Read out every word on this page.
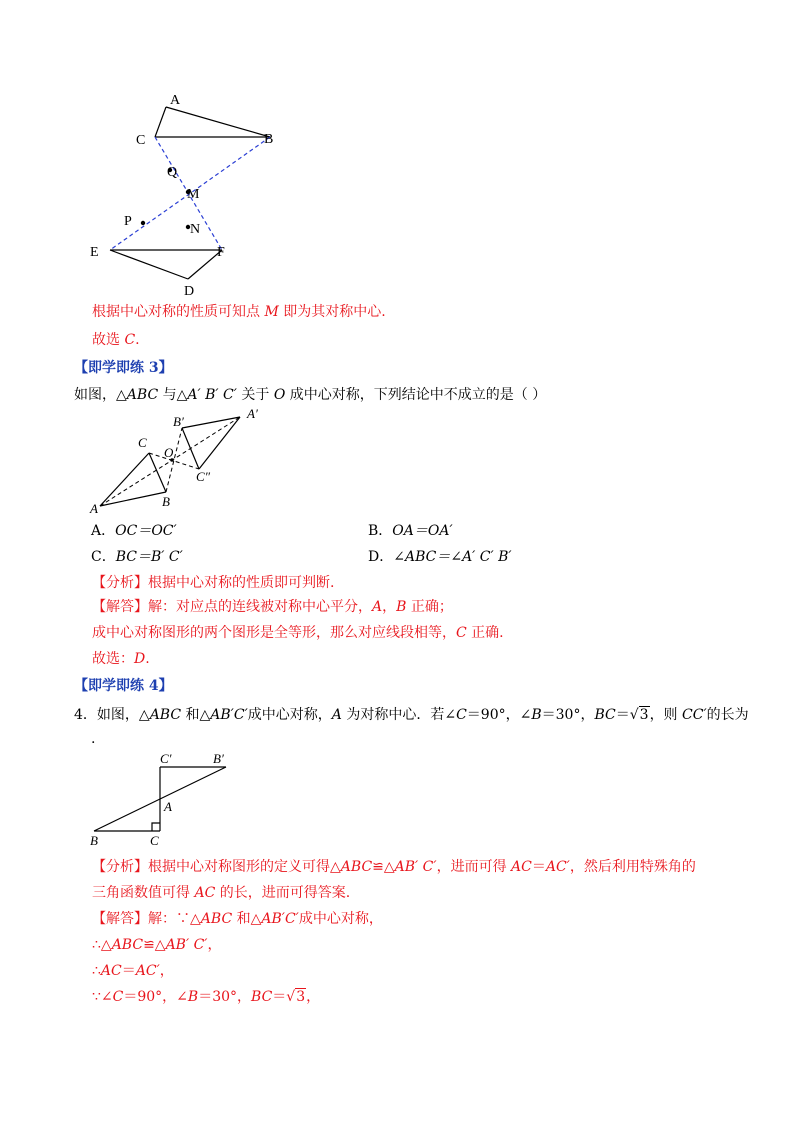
A
B
C
Q
M
P
N
E	F
D
根据中心对称的性质可知点 M 即为其对称中心.
故选 C.
【即学即练 3】
如图，△ABC 与△A′ B′ C′ 关于 O 成中心对称，下列结论中不成立的是（ ）
A	B
C
O
A′
B′
C″
A．OC＝OC′	B．OA＝OA′
C．BC＝B′ C′	D．∠ABC＝∠A′ C′ B′
【分析】根据中心对称的性质即可判断.
【解答】解：对应点的连线被对称中心平分，A，B 正确；
成中心对称图形的两个图形是全等形，那么对应线段相等，C 正确.
故选：D.
【即学即练 4】
4．如图，△ABC 和△AB′C′成中心对称，A 为对称中心．若∠C＝90°，∠B＝30°，BC＝√3，则 CC′的长为
.
C′	B′
A
B	C
【分析】根据中心对称图形的定义可得△ABC≌△AB′ C′，进而可得 AC＝AC′，然后利用特殊角的
三角函数值可得 AC 的长，进而可得答案.
【解答】解：∵△ABC 和△AB′C′成中心对称，
∴△ABC≌△AB′ C′，
∴AC＝AC′，
∵∠C＝90°，∠B＝30°，BC＝√3，
